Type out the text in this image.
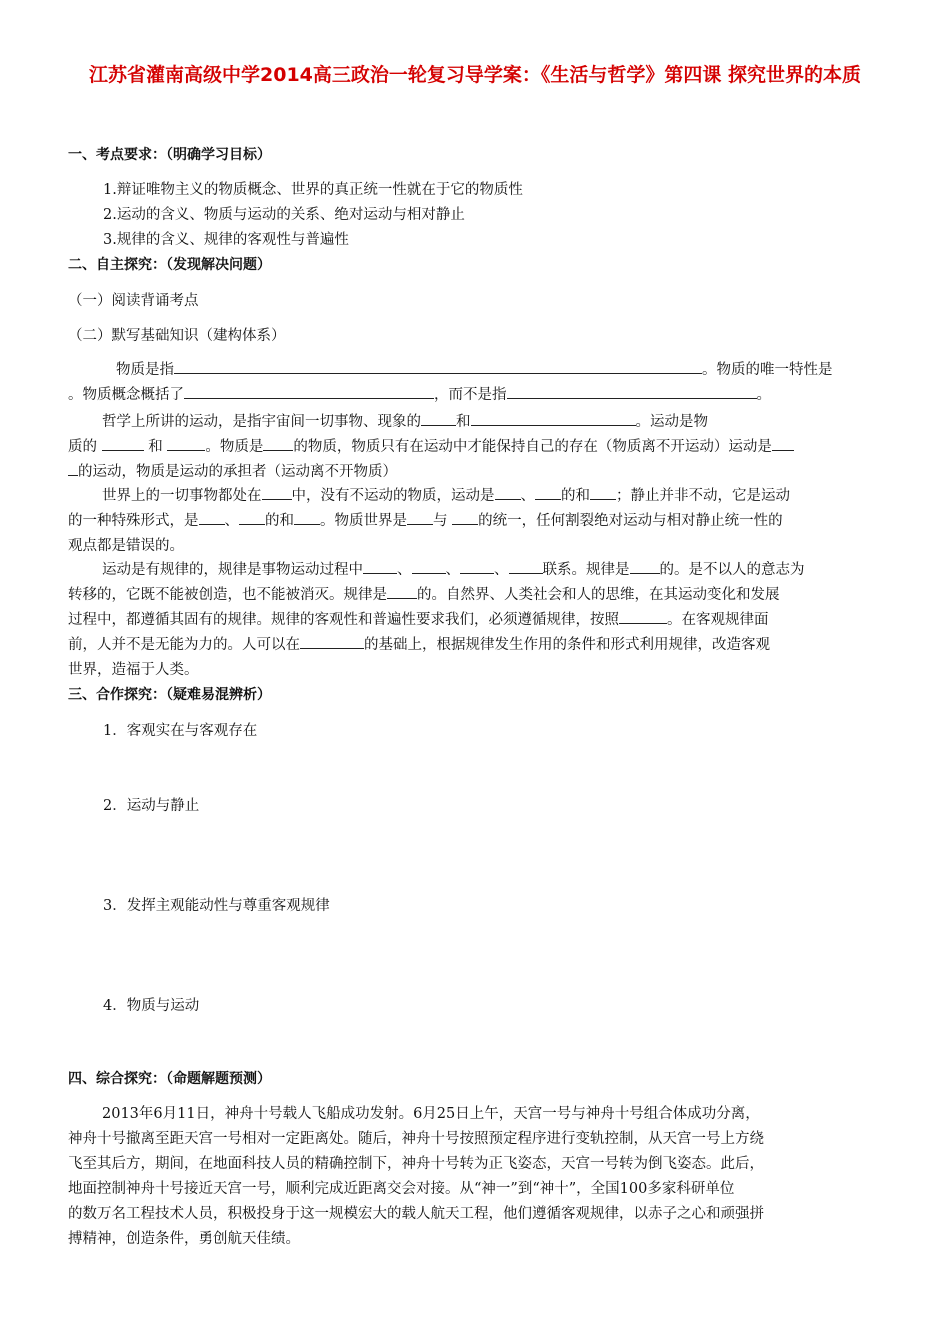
江苏省灌南高级中学2014高三政治一轮复习导学案：《生活与哲学》第四课 探究世界的本质
一、考点要求：（明确学习目标）
1.辩证唯物主义的物质概念、世界的真正统一性就在于它的物质性
2.运动的含义、物质与运动的关系、绝对运动与相对静止
3.规律的含义、规律的客观性与普遍性
二、自主探究：（发现解决问题）
（一）阅读背诵考点
（二）默写基础知识（建构体系）
物质是指	。物质的唯一特性是
。物质概念概括了	，而不是指	。
哲学上所讲的运动，是指宇宙间一切事物、现象的 和	。运动是物
质的	和	。物质是 的物质，物质只有在运动中才能保持自己的存在（物质离不开运动）运动是
的运动，物质是运动的承担者（运动离不开物质）
世界上的一切事物都处在 中，没有不运动的物质，运动是 、 的和 ；静止并非不动，它是运动
的一种特殊形式，是 、 的和 。物质世界是 与 的统一，任何割裂绝对运动与相对静止统一性的
观点都是错误的。
运动是有规律的，规律是事物运动过程中 、 、 、 联系。规律是 的。是不以人的意志为
转移的，它既不能被创造，也不能被消灭。规律是 的。自然界、人类社会和人的思维，在其运动变化和发展
过程中，都遵循其固有的规律。规律的客观性和普遍性要求我们，必须遵循规律，按照	。在客观规律面
前，人并不是无能为力的。人可以在	的基础上，根据规律发生作用的条件和形式利用规律，改造客观
世界，造福于人类。
三、合作探究：（疑难易混辨析）
1．客观实在与客观存在
2．运动与静止
3．发挥主观能动性与尊重客观规律
4．物质与运动
四、综合探究：（命题解题预测）
2013年6月11日，神舟十号载人飞船成功发射。6月25日上午，天宫一号与神舟十号组合体成功分离，
神舟十号撤离至距天宫一号相对一定距离处。随后，神舟十号按照预定程序进行变轨控制，从天宫一号上方绕
飞至其后方，期间，在地面科技人员的精确控制下，神舟十号转为正飞姿态，天宫一号转为倒飞姿态。此后，
地面控制神舟十号接近天宫一号，顺利完成近距离交会对接。从“神一”到“神十”，全国100多家科研单位
的数万名工程技术人员，积极投身于这一规模宏大的载人航天工程，他们遵循客观规律，以赤子之心和顽强拼
搏精神，创造条件，勇创航天佳绩。
